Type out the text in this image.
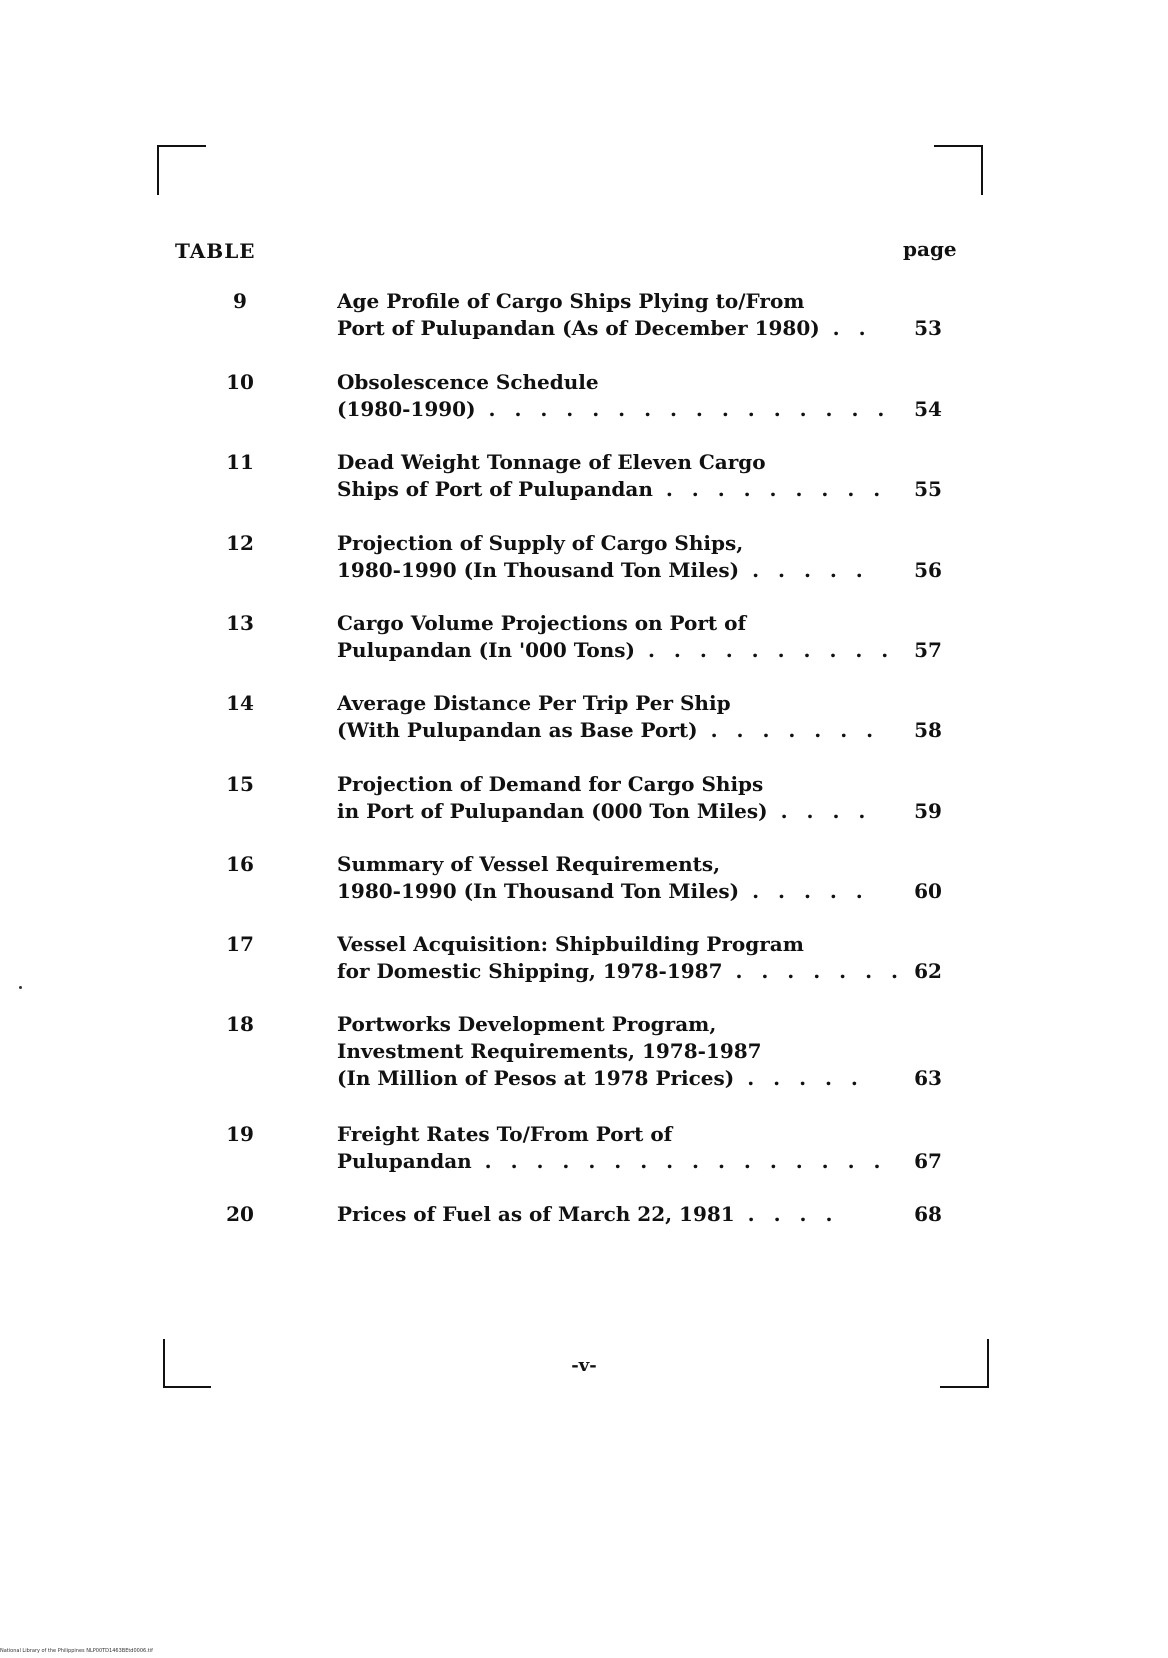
TABLE	page
9	Age Profile of Cargo Ships Plying to/From
Port of Pulupandan (As of December 1980) . .	53
10	Obsolescence Schedule
(1980-1990) . . . . . . . . . . . . . . . .	54
11	Dead Weight Tonnage of Eleven Cargo
Ships of Port of Pulupandan . . . . . . . . .	55
12	Projection of Supply of Cargo Ships,
1980-1990 (In Thousand Ton Miles) . . . . .	56
13	Cargo Volume Projections on Port of
Pulupandan (In '000 Tons) . . . . . . . . . . 57
14	Average Distance Per Trip Per Ship
(With Pulupandan as Base Port) . . . . . . .	58
15	Projection of Demand for Cargo Ships
in Port of Pulupandan (000 Ton Miles) . . . .	59
16	Summary of Vessel Requirements,
1980-1990 (In Thousand Ton Miles) . . . . .	60
17	Vessel Acquisition: Shipbuilding Program
for Domestic Shipping, 1978-1987 . . . . . . . 62
18	Portworks Development Program,
Investment Requirements, 1978-1987
(In Million of Pesos at 1978 Prices) . . . . .	63
19	Freight Rates To/From Port of
Pulupandan . . . . . . . . . . . . . . . .	67
20	Prices of Fuel as of March 22, 1981 . . . .	68
-v-
National Library of the Philippines NLP00TD1463BEtd0006.tif
